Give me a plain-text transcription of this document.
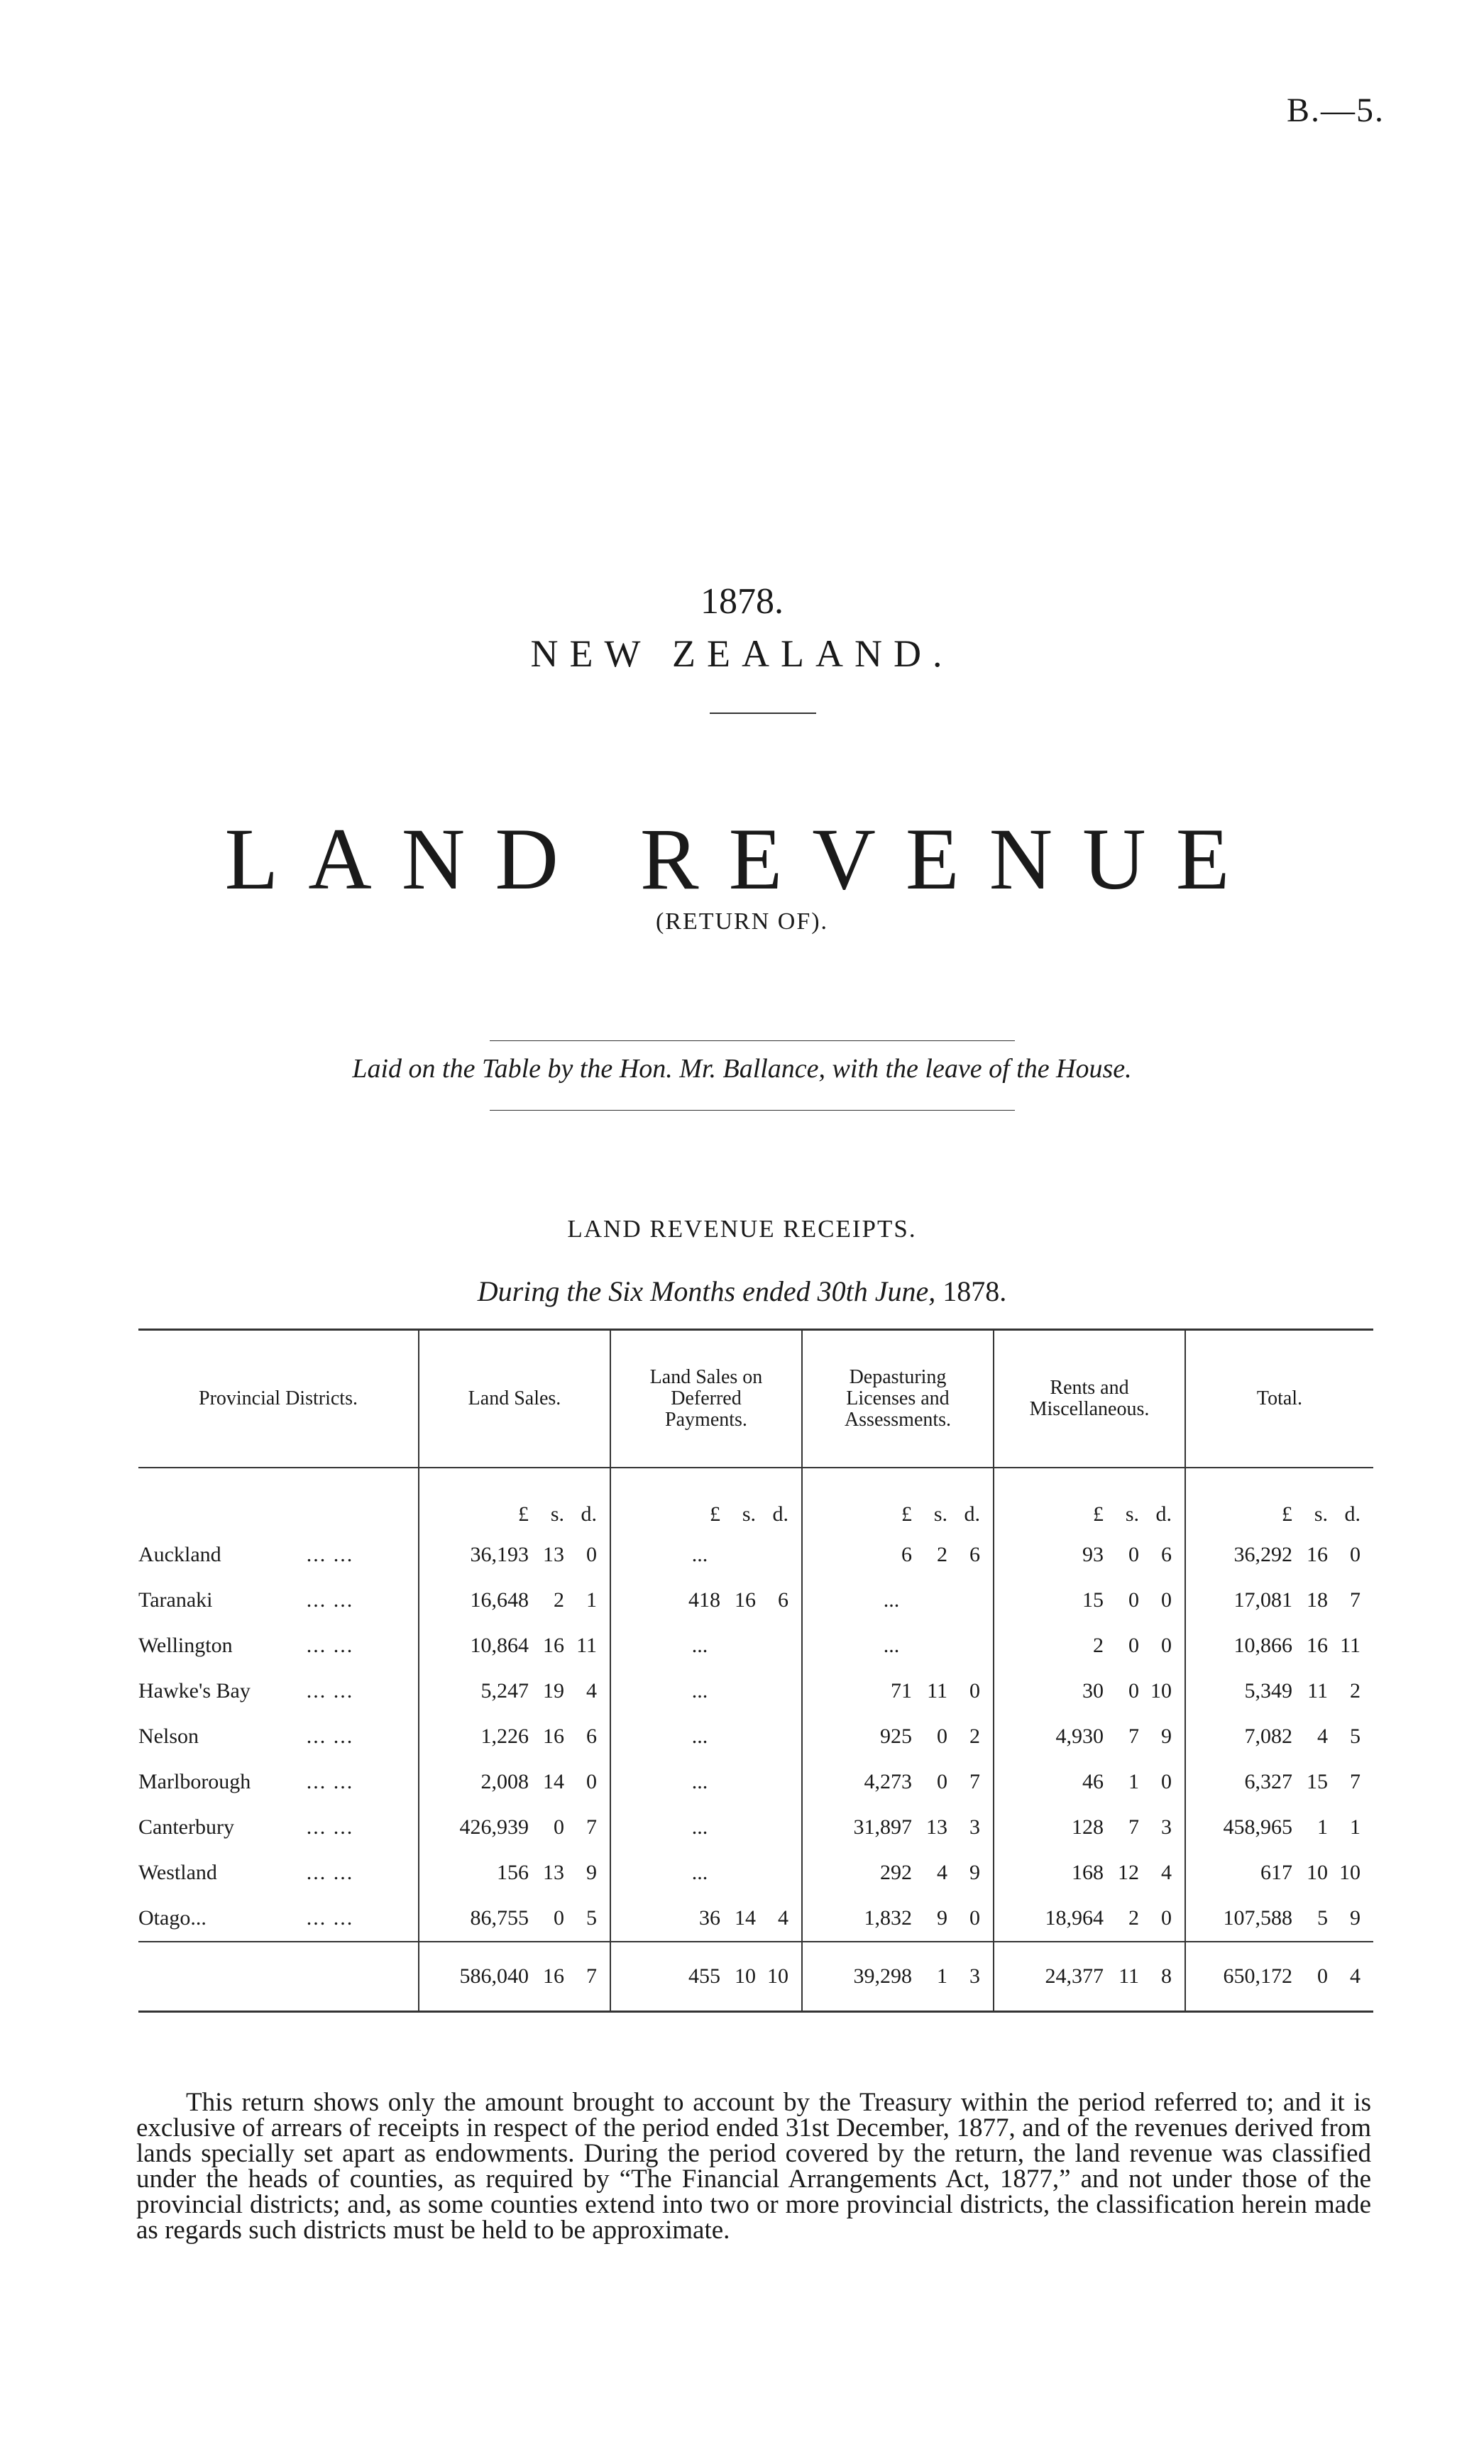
B.—5.
1878.
NEW ZEALAND.
LAND REVENUE
(RETURN OF).
Laid on the Table by the Hon. Mr. Ballance, with the leave of the House.
LAND REVENUE RECEIPTS.
During the Six Months ended 30th June, 1878.
Provincial Districts.	Land Sales.	Land Sales on Deferred Payments.	Depasturing Licenses and Assessments.	Rents and Miscellaneous.	Total.
	£ s. d.	£ s. d.	£ s. d.	£ s. d.	£ s. d.
Auckland ... ...	36,193 13 0	...	6 2 6	93 0 6	36,292 16 0
Taranaki ... ...	16,648 2 1	418 16 6	...	15 0 0	17,081 18 7
Wellington ... ...	10,864 16 11	...	...	2 0 0	10,866 16 11
Hawke's Bay ... ...	5,247 19 4	...	71 11 0	30 0 10	5,349 11 2
Nelson ... ...	1,226 16 6	...	925 0 2	4,930 7 9	7,082 4 5
Marlborough ... ...	2,008 14 0	...	4,273 0 7	46 1 0	6,327 15 7
Canterbury ... ...	426,939 0 7	...	31,897 13 3	128 7 3	458,965 1 1
Westland ... ...	156 13 9	...	292 4 9	168 12 4	617 10 10
Otago... ... ...	86,755 0 5	36 14 4	1,832 9 0	18,964 2 0	107,588 5 9
	586,040 16 7	455 10 10	39,298 1 3	24,377 11 8	650,172 0 4

This return shows only the amount brought to account by the Treasury within the period referred to; and it is exclusive of arrears of receipts in respect of the period ended 31st December, 1877, and of the revenues derived from lands specially set apart as endowments. During the period covered by the return, the land revenue was classified under the heads of counties, as required by “The Financial Arrangements Act, 1877,” and not under those of the provincial districts; and, as some counties extend into two or more provincial districts, the classification herein made as regards such districts must be held to be approximate.
